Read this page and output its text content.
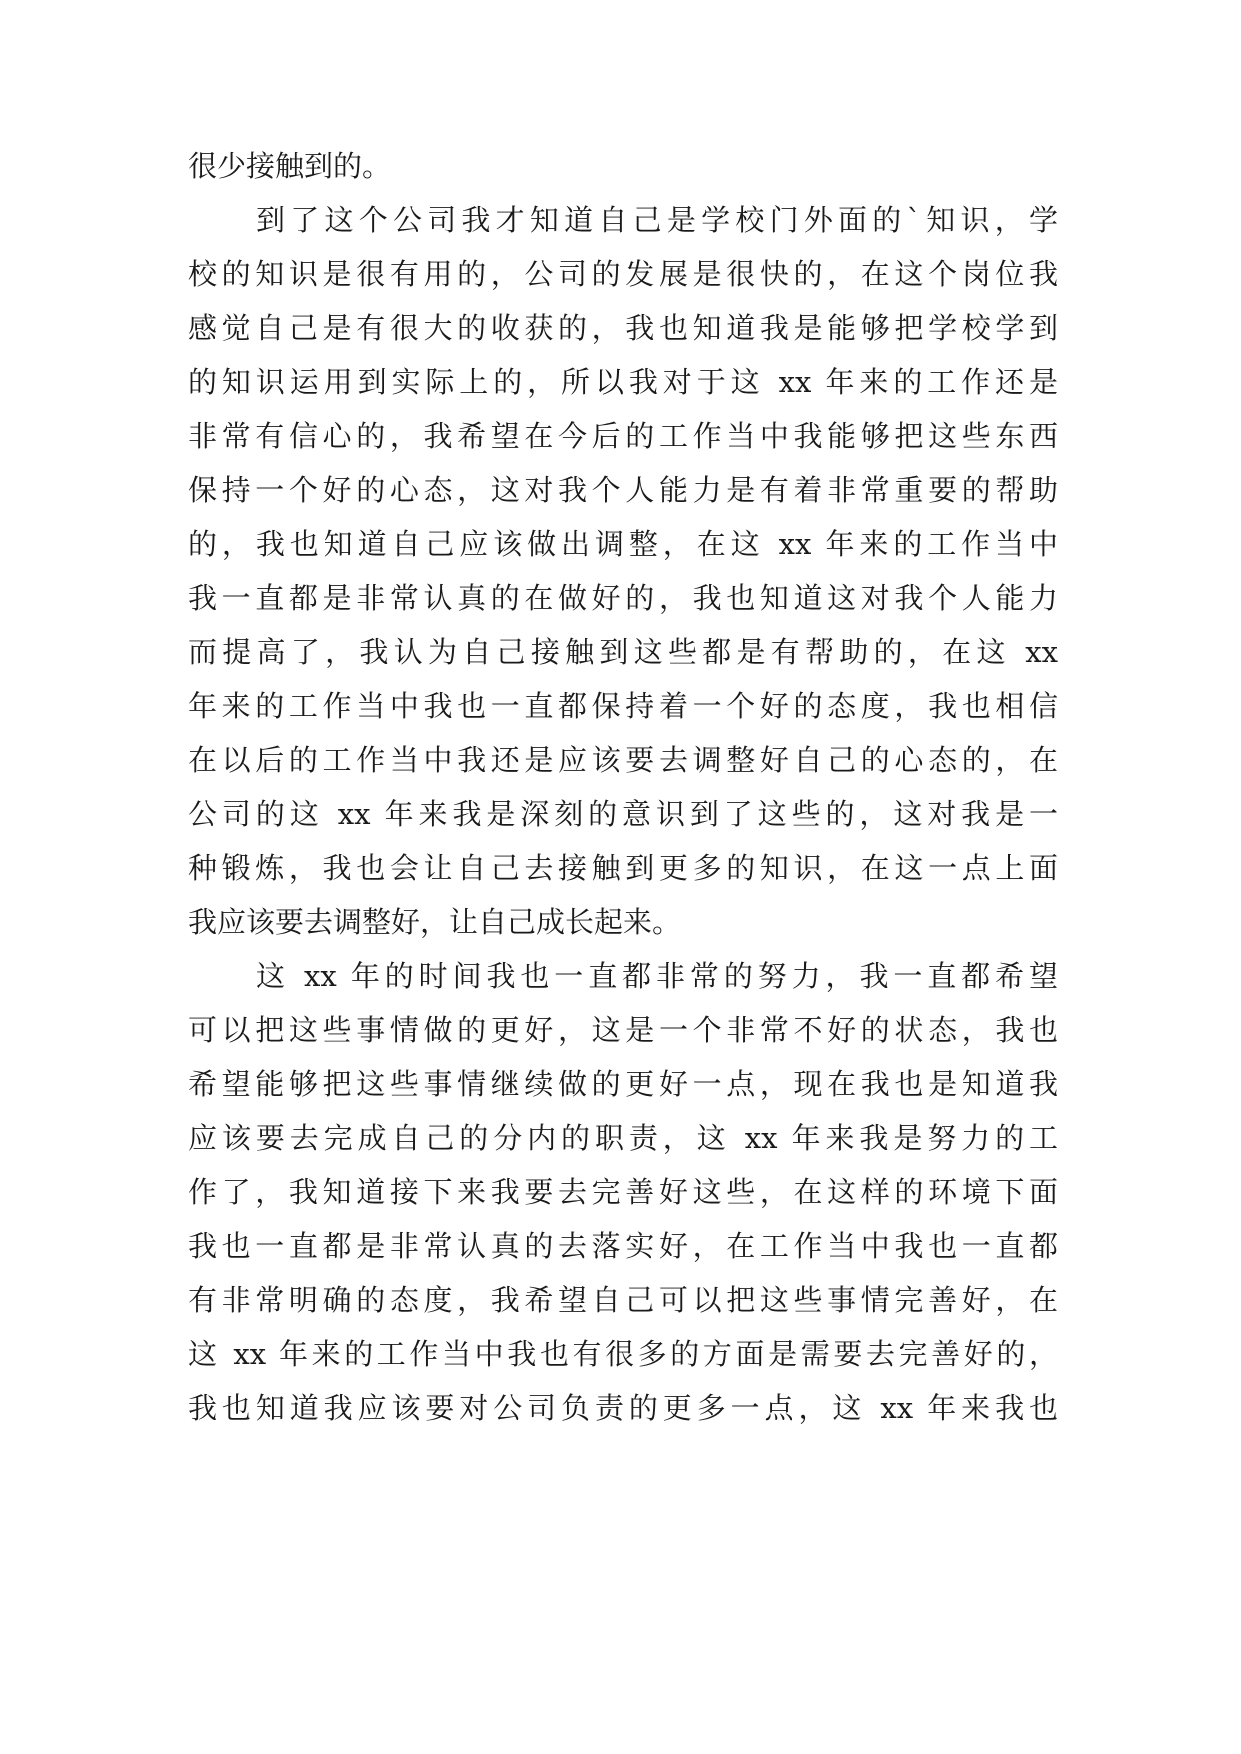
很少接触到的。
到了这个公司我才知道自己是学校门外面的`知识，学
校的知识是很有用的，公司的发展是很快的，在这个岗位我
感觉自己是有很大的收获的，我也知道我是能够把学校学到
的知识运用到实际上的，所以我对于这 xx 年来的工作还是
非常有信心的，我希望在今后的工作当中我能够把这些东西
保持一个好的心态，这对我个人能力是有着非常重要的帮助
的，我也知道自己应该做出调整，在这 xx 年来的工作当中
我一直都是非常认真的在做好的，我也知道这对我个人能力
而提高了，我认为自己接触到这些都是有帮助的，在这 xx
年来的工作当中我也一直都保持着一个好的态度，我也相信
在以后的工作当中我还是应该要去调整好自己的心态的，在
公司的这 xx 年来我是深刻的意识到了这些的，这对我是一
种锻炼，我也会让自己去接触到更多的知识，在这一点上面
我应该要去调整好，让自己成长起来。
这 xx 年的时间我也一直都非常的努力，我一直都希望
可以把这些事情做的更好，这是一个非常不好的状态，我也
希望能够把这些事情继续做的更好一点，现在我也是知道我
应该要去完成自己的分内的职责，这 xx 年来我是努力的工
作了，我知道接下来我要去完善好这些，在这样的环境下面
我也一直都是非常认真的去落实好，在工作当中我也一直都
有非常明确的态度，我希望自己可以把这些事情完善好，在
这 xx 年来的工作当中我也有很多的方面是需要去完善好的，
我也知道我应该要对公司负责的更多一点，这 xx 年来我也
